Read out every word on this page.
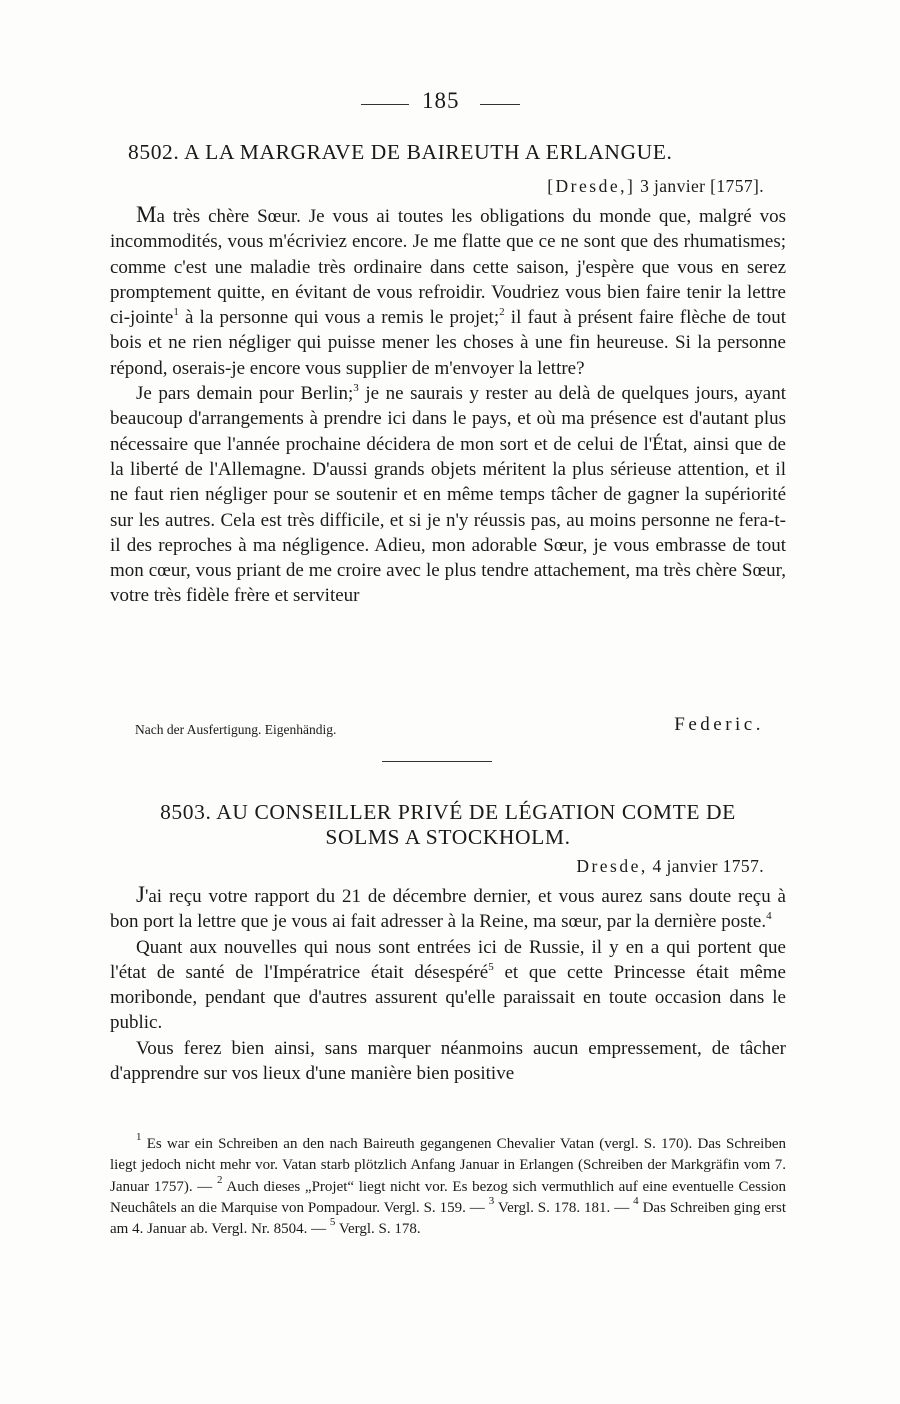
185
8502. A LA MARGRAVE DE BAIREUTH A ERLANGUE.
[Dresde,] 3 janvier [1757].

Ma très chère Sœur. Je vous ai toutes les obligations du monde que, malgré vos incommodités, vous m'écriviez encore. Je me flatte que ce ne sont que des rhumatismes; comme c'est une maladie très ordinaire dans cette saison, j'espère que vous en serez promptement quitte, en évitant de vous refroidir. Voudriez vous bien faire tenir la lettre ci-jointe$^1$ à la personne qui vous a remis le projet;$^2$ il faut à présent faire flèche de tout bois et ne rien négliger qui puisse mener les choses à une fin heureuse. Si la personne répond, oserais-je encore vous supplier de m'envoyer la lettre?

Je pars demain pour Berlin;$^3$ je ne saurais y rester au delà de quelques jours, ayant beaucoup d'arrangements à prendre ici dans le pays, et où ma présence est d'autant plus nécessaire que l'année prochaine décidera de mon sort et de celui de l'État, ainsi que de la liberté de l'Allemagne. D'aussi grands objets méritent la plus sérieuse attention, et il ne faut rien négliger pour se soutenir et en même temps tâcher de gagner la supériorité sur les autres. Cela est très difficile, et si je n'y réussis pas, au moins personne ne fera-t-il des reproches à ma négligence. Adieu, mon adorable Sœur, je vous embrasse de tout mon cœur, vous priant de me croire avec le plus tendre attachement, ma très chère Sœur, votre très fidèle frère et serviteur

Nach der Ausfertigung. Eigenhändig.	Federic.
8503. AU CONSEILLER PRIVÉ DE LÉGATION COMTE DE
SOLMS A STOCKHOLM.
Dresde, 4 janvier 1757.

J'ai reçu votre rapport du 21 de décembre dernier, et vous aurez sans doute reçu à bon port la lettre que je vous ai fait adresser à la Reine, ma sœur, par la dernière poste.$^4$

Quant aux nouvelles qui nous sont entrées ici de Russie, il y en a qui portent que l'état de santé de l'Impératrice était désespéré$^5$ et que cette Princesse était même moribonde, pendant que d'autres assurent qu'elle paraissait en toute occasion dans le public.

Vous ferez bien ainsi, sans marquer néanmoins aucun empressement, de tâcher d'apprendre sur vos lieux d'une manière bien positive

$^1$ Es war ein Schreiben an den nach Baireuth gegangenen Chevalier Vatan (vergl. S. 170). Das Schreiben liegt jedoch nicht mehr vor. Vatan starb plötzlich Anfang Januar in Erlangen (Schreiben der Markgräfin vom 7. Januar 1757). — $^2$ Auch dieses „Projet“ liegt nicht vor. Es bezog sich vermuthlich auf eine eventuelle Cession Neuchâtels an die Marquise von Pompadour. Vergl. S. 159. — $^3$ Vergl. S. 178. 181. — $^4$ Das Schreiben ging erst am 4. Januar ab. Vergl. Nr. 8504. — $^5$ Vergl. S. 178.
